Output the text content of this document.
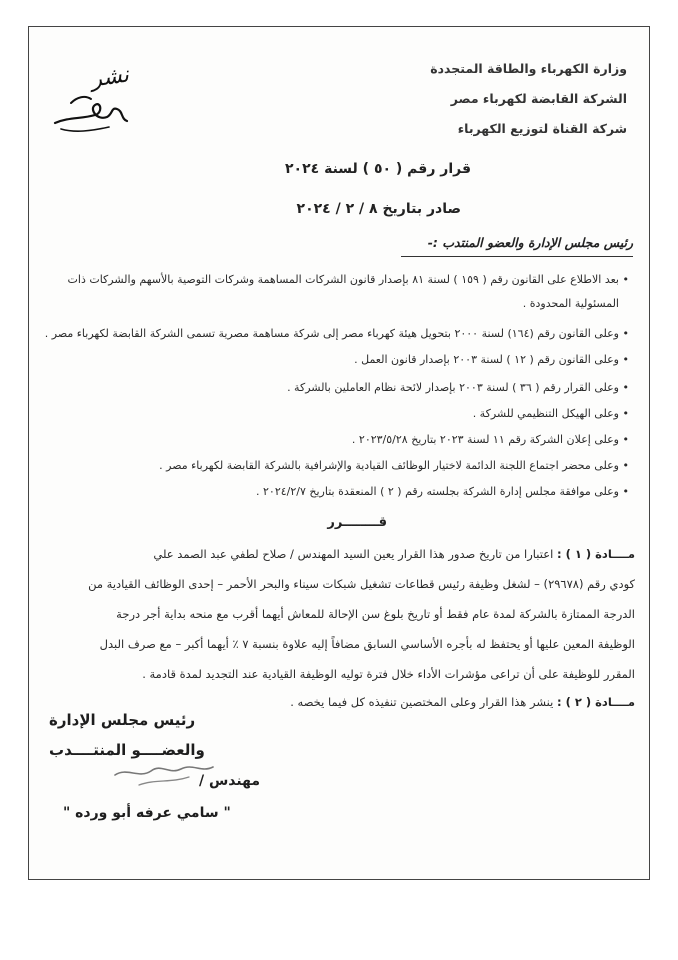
نشر	وزارة الكهرباء والطاقة المتجددة
الشركة القابضة لكهرباء مصر
شركة القناة لتوزيع الكهرباء
قرار رقم ( ٥٠ ) لسنة ٢٠٢٤
صادر بتاريخ ٨ / ٢ / ٢٠٢٤
رئيس مجلس الإدارة والعضو المنتدب :-
• بعد الاطلاع على القانون رقم ( ١٥٩ ) لسنة ٨١ بإصدار قانون الشركات المساهمة وشركات التوصية بالأسهم والشركات ذات
المسئولية المحدودة .
• وعلى القانون رقم (١٦٤) لسنة ٢٠٠٠ بتحويل هيئة كهرباء مصر إلى شركة مساهمة مصرية تسمى الشركة القابضة لكهرباء مصر .
• وعلى القانون رقم ( ١٢ ) لسنة ٢٠٠٣ بإصدار قانون العمل .
• وعلى القرار رقم ( ٣٦ ) لسنة ٢٠٠٣ بإصدار لائحة نظام العاملين بالشركة .
• وعلى الهيكل التنظيمي للشركة .
• وعلى إعلان الشركة رقم ١١ لسنة ٢٠٢٣ بتاريخ ٢٠٢٣/٥/٢٨ .
• وعلى محضر اجتماع اللجنة الدائمة لاختيار الوظائف القيادية والإشرافية بالشركة القابضة لكهرباء مصر .
• وعلى موافقة مجلس إدارة الشركة بجلسته رقم ( ٢ ) المنعقدة بتاريخ ٢٠٢٤/٢/٧ .
قــــــــرر
مــــادة ( ١ ) : اعتبارا من تاريخ صدور هذا القرار يعين السيد المهندس / صلاح لطفي عبد الصمد علي
كودي رقم (٢٩٦٧٨) – لشغل وظيفة رئيس قطاعات تشغيل شبكات سيناء والبحر الأحمر – إحدى الوظائف القيادية من
الدرجة الممتازة بالشركة لمدة عام فقط أو تاريخ بلوغ سن الإحالة للمعاش أيهما أقرب مع منحه بداية أجر درجة
الوظيفة المعين عليها أو يحتفظ له بأجره الأساسي السابق مضافاً إليه علاوة بنسبة ٧ ٪ أيهما أكبر – مع صرف البدل
المقرر للوظيفة على أن تراعى مؤشرات الأداء خلال فترة توليه الوظيفة القيادية عند التجديد لمدة قادمة .
مــــادة ( ٢ ) : ينشر هذا القرار وعلى المختصين تنفيذه كل فيما يخصه .
رئيس مجلس الإدارة
والعضــــو المنتــــدب
مهندس /
" سامي عرفه أبو ورده "
